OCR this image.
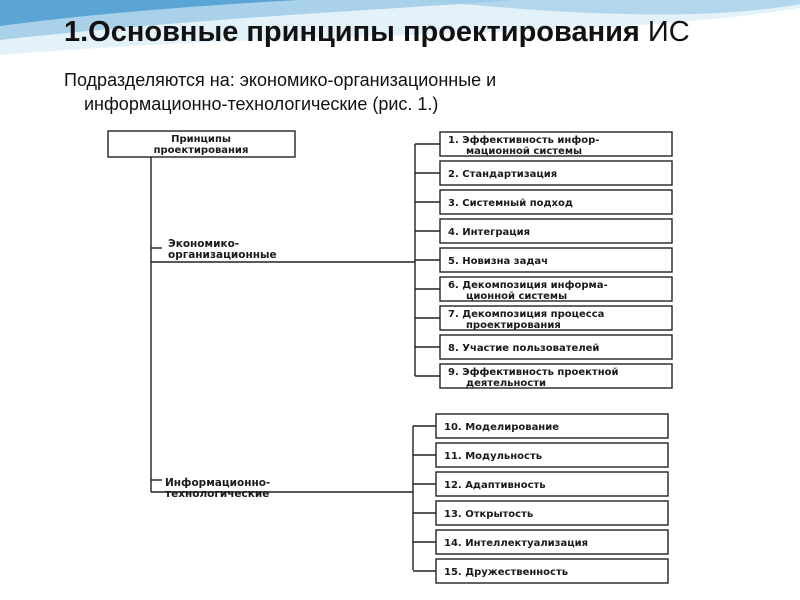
1.Основные принципы проектирования ИС

Подразделяются на: экономико-организационные и
информационно-технологические (рис. 1.)

1. Эффективность инфор-
мационной системы
2. Стандартизация
3. Системный подход
4. Интеграция
5. Новизна задач
6. Декомпозиция информа-
ционной системы
7. Декомпозиция процесса
проектирования
8. Участие пользователей
9. Эффективность проектной
деятельности
10. Моделирование
11. Модульность
12. Адаптивность
13. Открытость
14. Интеллектуализация
15. Дружественность
Принципы
проектирования
Экономико-
организационные
Информационно-
технологические
